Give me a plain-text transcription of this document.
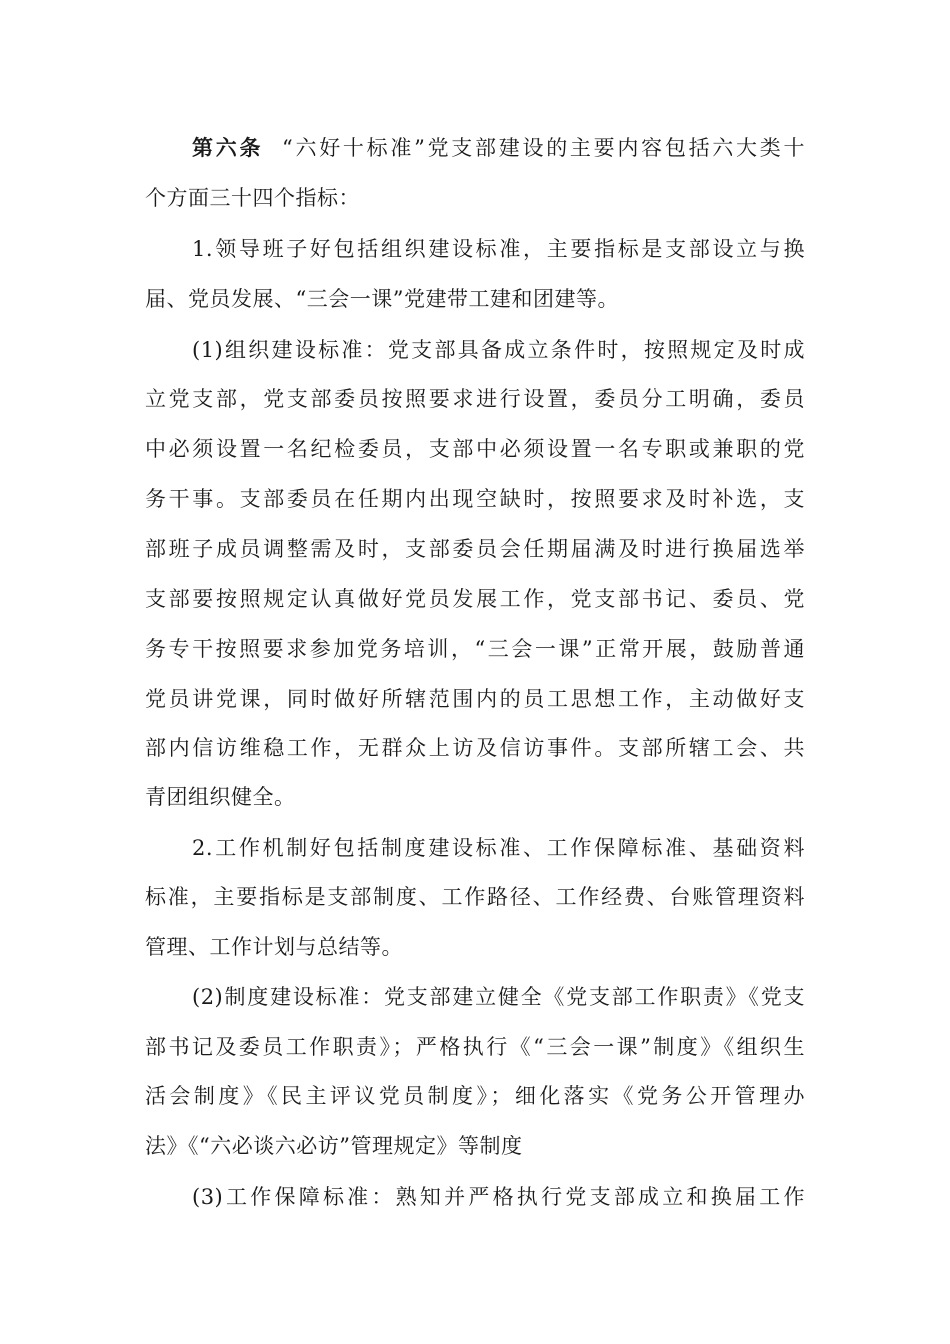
第六条 “六好十标准”党支部建设的主要内容包括六大类十
个方面三十四个指标：
1.领导班子好包括组织建设标准，主要指标是支部设立与换
届、党员发展、“三会一课”党建带工建和团建等。
(1)组织建设标准：党支部具备成立条件时，按照规定及时成
立党支部，党支部委员按照要求进行设置，委员分工明确，委员
中必须设置一名纪检委员，支部中必须设置一名专职或兼职的党
务干事。支部委员在任期内出现空缺时，按照要求及时补选，支
部班子成员调整需及时，支部委员会任期届满及时进行换届选举
支部要按照规定认真做好党员发展工作，党支部书记、委员、党
务专干按照要求参加党务培训，“三会一课”正常开展，鼓励普通
党员讲党课，同时做好所辖范围内的员工思想工作，主动做好支
部内信访维稳工作，无群众上访及信访事件。支部所辖工会、共
青团组织健全。
2.工作机制好包括制度建设标准、工作保障标准、基础资料
标准，主要指标是支部制度、工作路径、工作经费、台账管理资料
管理、工作计划与总结等。
(2)制度建设标准：党支部建立健全《党支部工作职责》《党支
部书记及委员工作职责》；严格执行《“三会一课”制度》《组织生
活会制度》《民主评议党员制度》；细化落实《党务公开管理办
法》《“六必谈六必访”管理规定》等制度
(3)工作保障标准：熟知并严格执行党支部成立和换届工作
